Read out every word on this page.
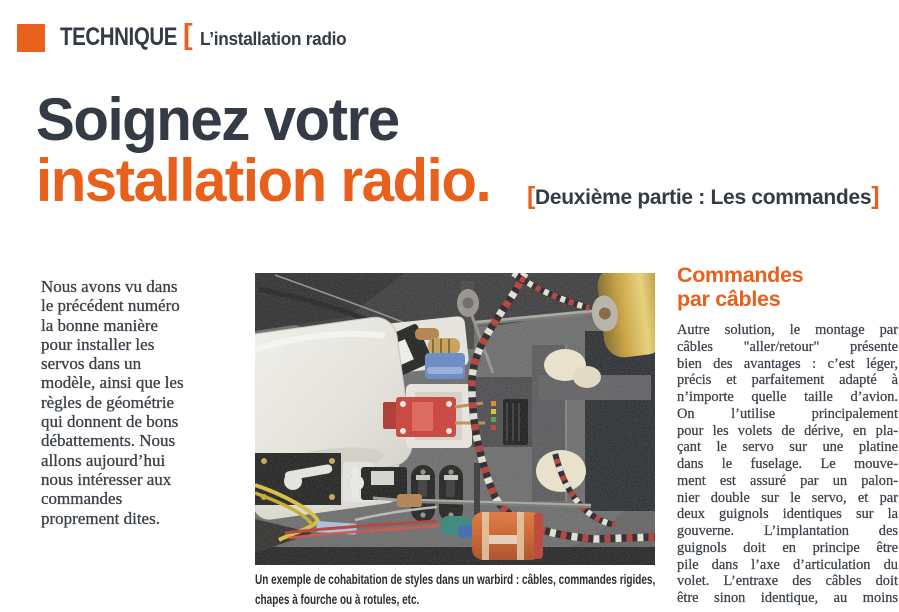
TECHNIQUE [ L’installation radio
Soignez votre
installation radio. [Deuxième partie : Les commandes]
Nous avons vu dans
le précédent numéro
la bonne manière
pour installer les
servos dans un
modèle, ainsi que les
règles de géométrie
qui donnent de bons
débattements. Nous
allons aujourd’hui
nous intéresser aux
commandes
proprement dites.
Un exemple de cohabitation de styles dans un warbird : câbles, commandes rigides,
chapes à fourche ou à rotules, etc.
Commandes
par câbles
Autre solution, le montage par
câbles "aller/retour" présente
bien des avantages : c’est léger,
précis et parfaitement adapté à
n’importe quelle taille d’avion.
On l’utilise principalement
pour les volets de dérive, en pla-
çant le servo sur une platine
dans le fuselage. Le mouve-
ment est assuré par un palon-
nier double sur le servo, et par
deux guignols identiques sur la
gouverne. L’implantation des
guignols doit en principe être
pile dans l’axe d’articulation du
volet. L’entraxe des câbles doit
être sinon identique, au moins
